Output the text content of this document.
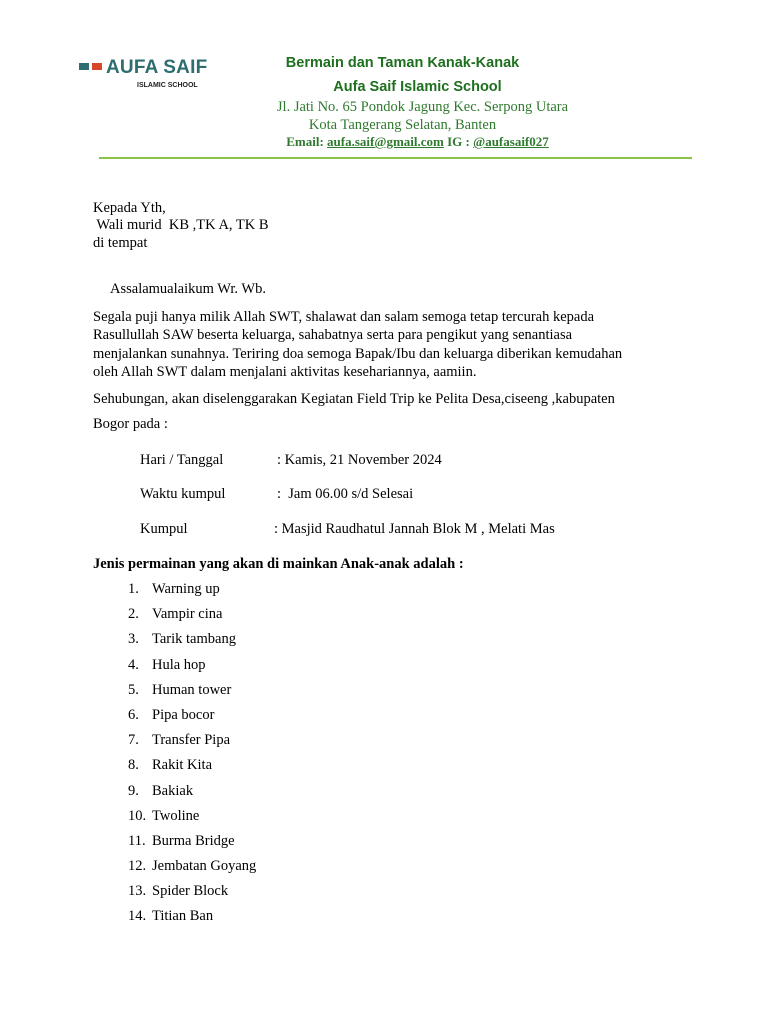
AUFA SAIF
ISLAMIC SCHOOL
Bermain dan Taman Kanak-Kanak
Aufa Saif Islamic School
Jl. Jati No. 65 Pondok Jagung Kec. Serpong Utara
Kota Tangerang Selatan, Banten
Email: aufa.saif@gmail.com IG : @aufasaif027
Kepada Yth,
Wali murid  KB ,TK A, TK B
di tempat
Assalamualaikum Wr. Wb.
Segala puji hanya milik Allah SWT, shalawat dan salam semoga tetap tercurah kepada
Rasullullah SAW beserta keluarga, sahabatnya serta para pengikut yang senantiasa
menjalankan sunahnya. Teriring doa semoga Bapak/Ibu dan keluarga diberikan kemudahan
oleh Allah SWT dalam menjalani aktivitas kesehariannya, aamiin.
Sehubungan, akan diselenggarakan Kegiatan Field Trip ke Pelita Desa,ciseeng ,kabupaten
Bogor pada :
Hari / Tanggal	: Kamis, 21 November 2024
Waktu kumpul	:  Jam 06.00 s/d Selesai
Kumpul	: Masjid Raudhatul Jannah Blok M , Melati Mas
Jenis permainan yang akan di mainkan Anak-anak adalah :
1. Warning up
2. Vampir cina
3. Tarik tambang
4. Hula hop
5. Human tower
6. Pipa bocor
7. Transfer Pipa
8. Rakit Kita
9. Bakiak
10. Twoline
11. Burma Bridge
12. Jembatan Goyang
13. Spider Block
14. Titian Ban
